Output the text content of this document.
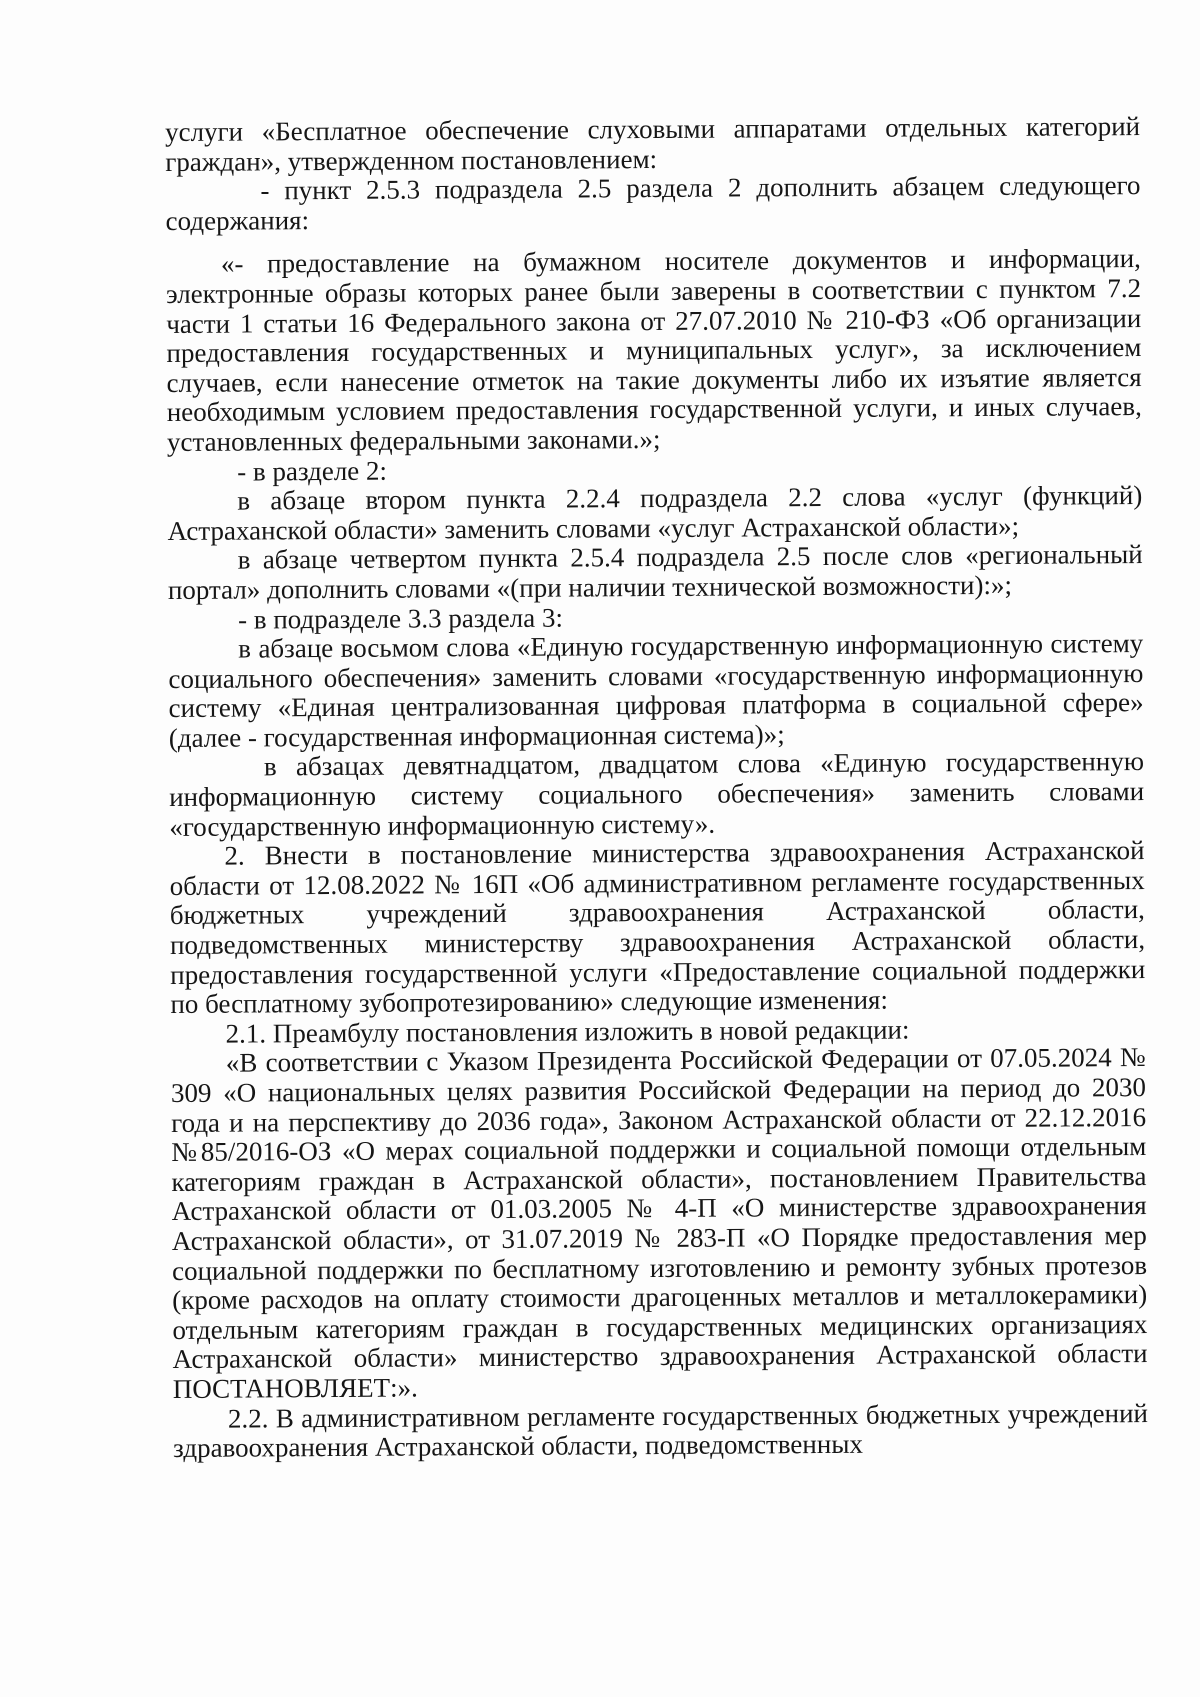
услуги «Бесплатное обеспечение слуховыми аппаратами отдельных категорий граждан», утвержденном постановлением:

- пункт 2.5.3 подраздела 2.5 раздела 2 дополнить абзацем следующего содержания:

«- предоставление на бумажном носителе документов и информации, электронные образы которых ранее были заверены в соответствии с пунктом 7.2 части 1 статьи 16 Федерального закона от 27.07.2010 № 210-ФЗ «Об организации предоставления государственных и муниципальных услуг», за исключением случаев, если нанесение отметок на такие документы либо их изъятие является необходимым условием предоставления государственной услуги, и иных случаев, установленных федеральными законами.»;

- в разделе 2:

в абзаце втором пункта 2.2.4 подраздела 2.2 слова «услуг (функций) Астраханской области» заменить словами «услуг Астраханской области»;

в абзаце четвертом пункта 2.5.4 подраздела 2.5 после слов «региональный портал» дополнить словами «(при наличии технической возможности):»;

- в подразделе 3.3 раздела 3:

в абзаце восьмом слова «Единую государственную информационную систему социального обеспечения» заменить словами «государственную информационную систему «Единая централизованная цифровая платформа в социальной сфере» (далее - государственная информационная система)»;

в абзацах девятнадцатом, двадцатом слова «Единую государственную информационную систему социального обеспечения» заменить словами «государственную информационную систему».

2. Внести в постановление министерства здравоохранения Астраханской области от 12.08.2022 № 16П «Об административном регламенте государственных бюджетных учреждений здравоохранения Астраханской области, подведомственных министерству здравоохранения Астраханской области, предоставления государственной услуги «Предоставление социальной поддержки по бесплатному зубопротезированию» следующие изменения:

2.1. Преамбулу постановления изложить в новой редакции:

«В соответствии с Указом Президента Российской Федерации от 07.05.2024 № 309 «О национальных целях развития Российской Федерации на период до 2030 года и на перспективу до 2036 года», Законом Астраханской области от 22.12.2016 №85/2016-ОЗ «О мерах социальной поддержки и социальной помощи отдельным категориям граждан в Астраханской области», постановлением Правительства Астраханской области от 01.03.2005 № 4-П «О министерстве здравоохранения Астраханской области», от 31.07.2019 № 283-П «О Порядке предоставления мер социальной поддержки по бесплатному изготовлению и ремонту зубных протезов (кроме расходов на оплату стоимости драгоценных металлов и металлокерамики) отдельным категориям граждан в государственных медицинских организациях Астраханской области» министерство здравоохранения Астраханской области ПОСТАНОВЛЯЕТ:».

2.2. В административном регламенте государственных бюджетных учреждений здравоохранения Астраханской области, подведомственных
